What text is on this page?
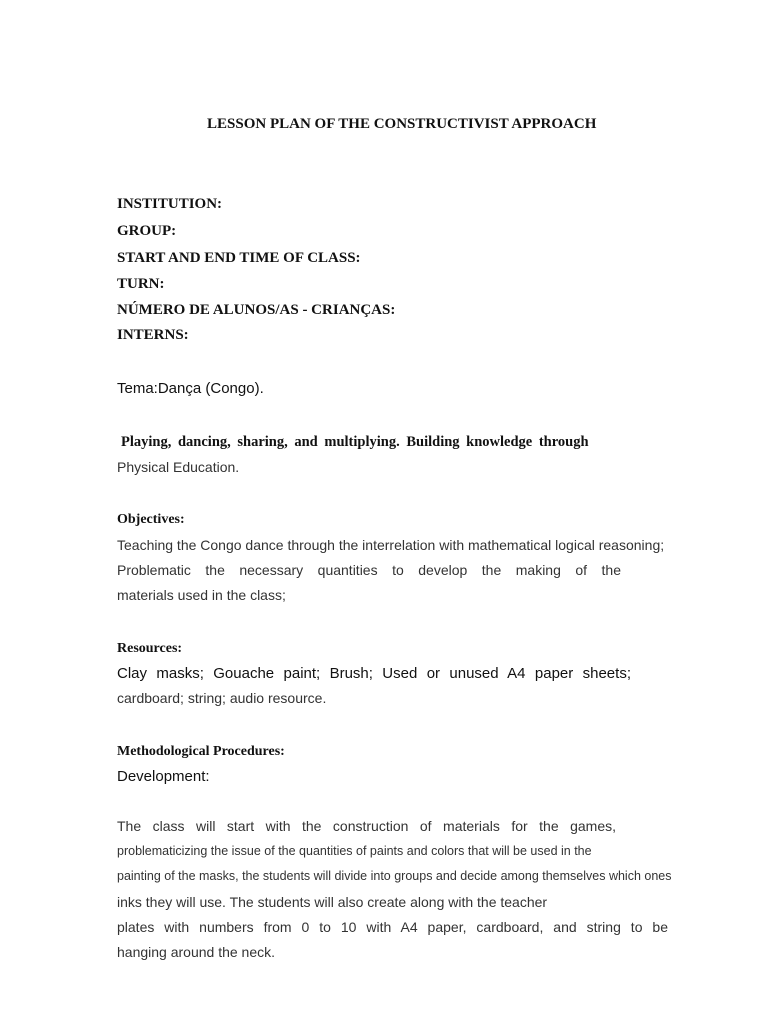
LESSON PLAN OF THE CONSTRUCTIVIST APPROACH

INSTITUTION:

GROUP:

START AND END TIME OF CLASS:

TURN:

NÚMERO DE ALUNOS/AS - CRIANÇAS:

INTERNS:

Tema:Dança (Congo).

Playing, dancing, sharing, and multiplying. Building knowledge through

Physical Education.

Objectives:

Teaching the Congo dance through the interrelation with mathematical logical reasoning;

Problematic the necessary quantities to develop the making of the

materials used in the class;

Resources:

Clay masks; Gouache paint; Brush; Used or unused A4 paper sheets;

cardboard; string; audio resource.

Methodological Procedures:

Development:

The class will start with the construction of materials for the games,

problematicizing the issue of the quantities of paints and colors that will be used in the

painting of the masks, the students will divide into groups and decide among themselves which ones

inks they will use. The students will also create along with the teacher

plates with numbers from 0 to 10 with A4 paper, cardboard, and string to be

hanging around the neck.
